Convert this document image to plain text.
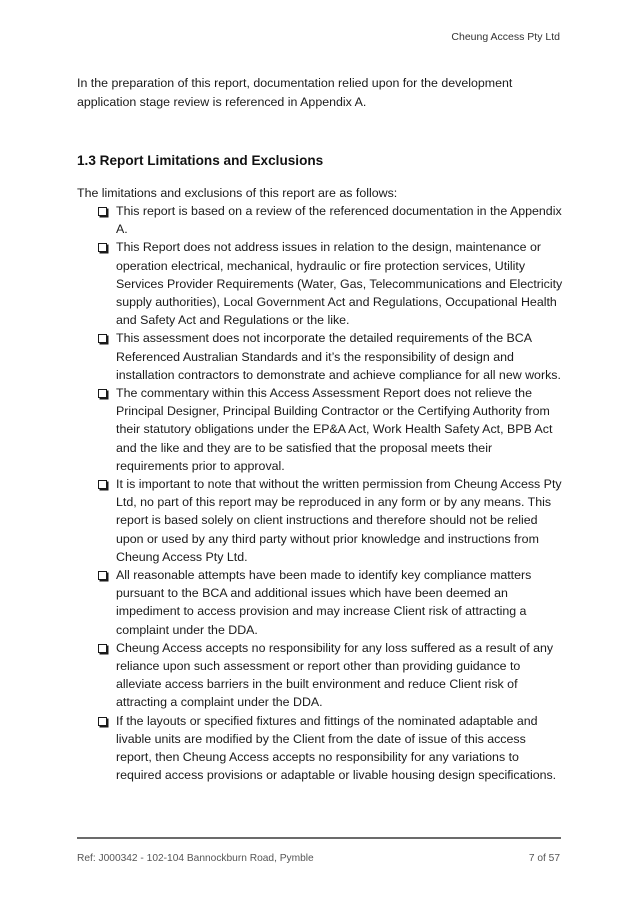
Cheung Access Pty Ltd

In the preparation of this report, documentation relied upon for the development application stage review is referenced in Appendix A.

1.3 Report Limitations and Exclusions

The limitations and exclusions of this report are as follows:

This report is based on a review of the referenced documentation in the Appendix A.
This Report does not address issues in relation to the design, maintenance or operation electrical, mechanical, hydraulic or fire protection services, Utility Services Provider Requirements (Water, Gas, Telecommunications and Electricity supply authorities), Local Government Act and Regulations, Occupational Health and Safety Act and Regulations or the like.
This assessment does not incorporate the detailed requirements of the BCA Referenced Australian Standards and it’s the responsibility of design and installation contractors to demonstrate and achieve compliance for all new works.
The commentary within this Access Assessment Report does not relieve the Principal Designer, Principal Building Contractor or the Certifying Authority from their statutory obligations under the EP&A Act, Work Health Safety Act, BPB Act and the like and they are to be satisfied that the proposal meets their requirements prior to approval.
It is important to note that without the written permission from Cheung Access Pty Ltd, no part of this report may be reproduced in any form or by any means. This report is based solely on client instructions and therefore should not be relied upon or used by any third party without prior knowledge and instructions from Cheung Access Pty Ltd.
All reasonable attempts have been made to identify key compliance matters pursuant to the BCA and additional issues which have been deemed an impediment to access provision and may increase Client risk of attracting a complaint under the DDA.
Cheung Access accepts no responsibility for any loss suffered as a result of any reliance upon such assessment or report other than providing guidance to alleviate access barriers in the built environment and reduce Client risk of attracting a complaint under the DDA.
If the layouts or specified fixtures and fittings of the nominated adaptable and livable units are modified by the Client from the date of issue of this access report, then Cheung Access accepts no responsibility for any variations to required access provisions or adaptable or livable housing design specifications.
Ref: J000342 - 102-104 Bannockburn Road, Pymble	7 of 57
